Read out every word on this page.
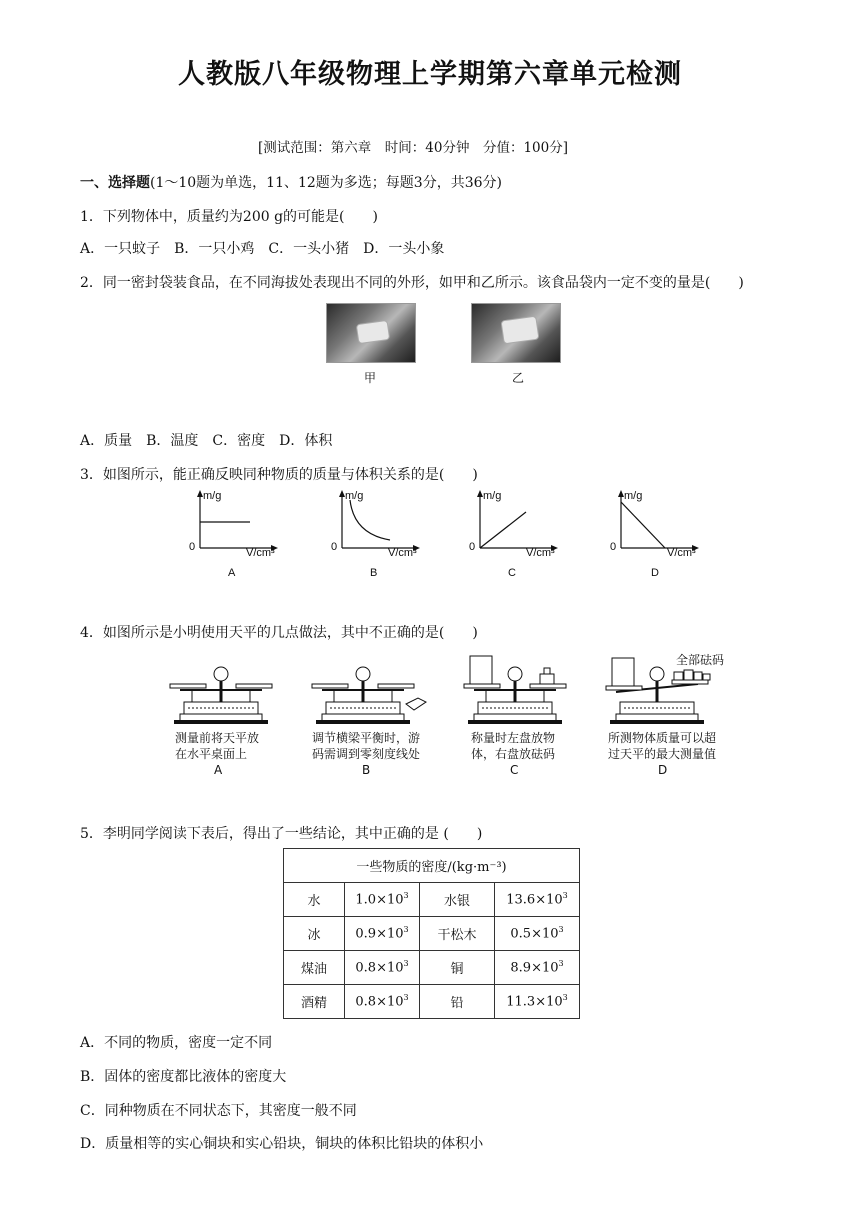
人教版八年级物理上学期第六章单元检测
[测试范围：第六章　时间：40分钟　分值：100分]
一、选择题(1～10题为单选，11、12题为多选；每题3分，共36分)
1．下列物体中，质量约为200 g的可能是(　　)
A．一只蚊子　B．一只小鸡　C．一头小猪　D．一头小象
2．同一密封袋装食品，在不同海拔处表现出不同的外形，如甲和乙所示。该食品袋内一定不变的量是(　　)
甲	乙
A．质量　B．温度　C．密度　D．体积
3．如图所示，能正确反映同种物质的质量与体积关系的是(　　)
m/g
0	V/cm³
A
m/g
0	V/cm³
B
m/g
0	V/cm³
C
m/g
0	V/cm³
D
4．如图所示是小明使用天平的几点做法，其中不正确的是(　　)
测量前将天平放
在水平桌面上
A
调节横梁平衡时，游
码需调到零刻度线处
B
称量时左盘放物
体，右盘放砝码
C
全部砝码
所测物体质量可以超
过天平的最大测量值
D
5．李明同学阅读下表后，得出了一些结论，其中正确的是 (　　)
一些物质的密度/(kg·m⁻³)			
水	$1.0\times 10^3$	水银	$13.6\times 10^3$
冰	$0.9\times 10^3$	干松木	$0.5\times 10^3$
煤油	$0.8\times 10^3$	铜	$8.9\times 10^3$
酒精	$0.8\times 10^3$	铅	$11.3\times 10^3$
A．不同的物质，密度一定不同
B．固体的密度都比液体的密度大
C．同种物质在不同状态下，其密度一般不同
D．质量相等的实心铜块和实心铅块，铜块的体积比铅块的体积小
